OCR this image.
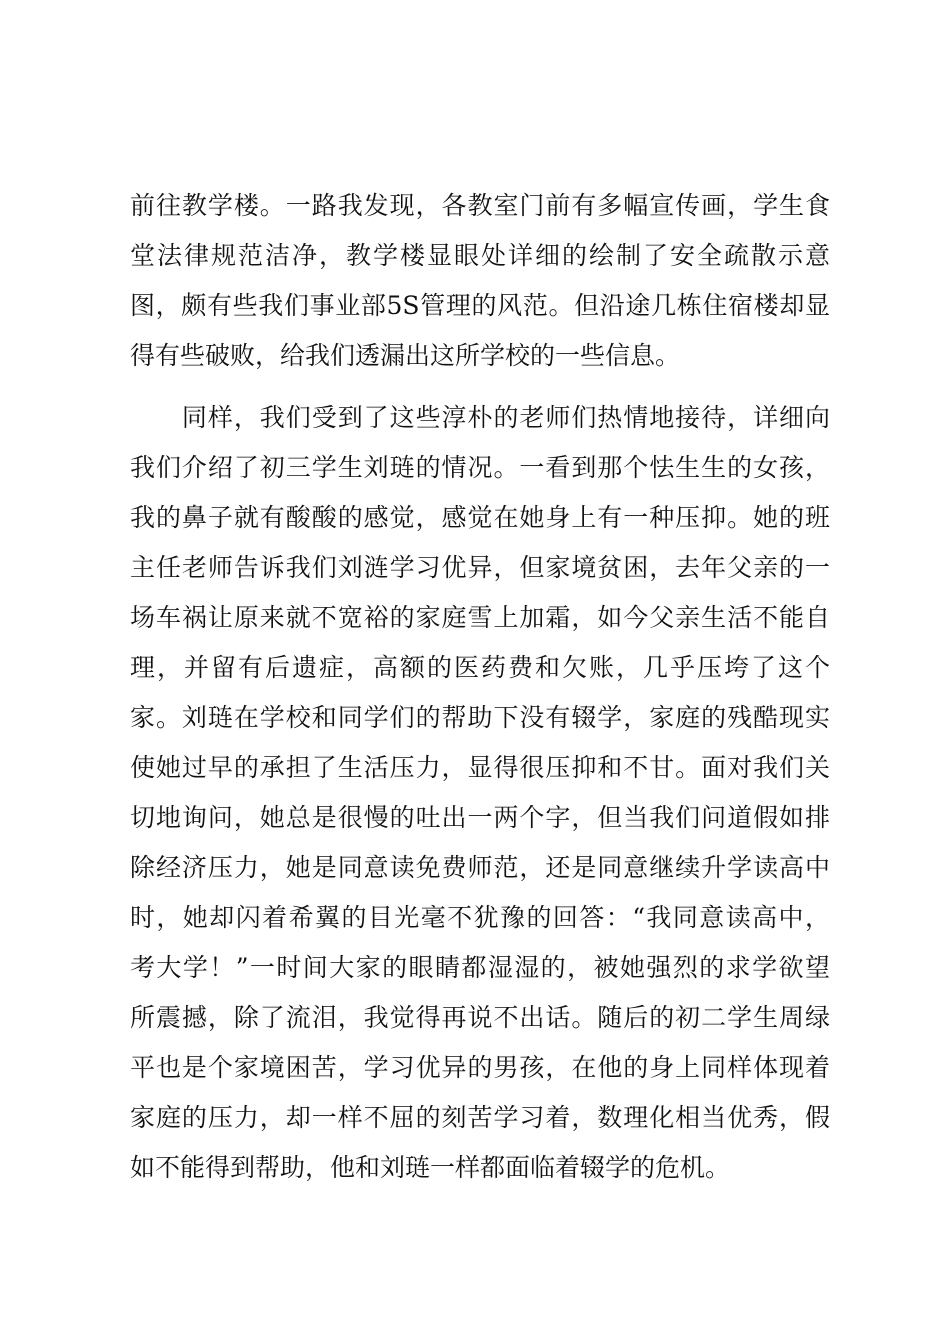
前往教学楼。一路我发现，各教室门前有多幅宣传画，学生食
堂法律规范洁净，教学楼显眼处详细的绘制了安全疏散示意
图，颇有些我们事业部5S管理的风范。但沿途几栋住宿楼却显
得有些破败，给我们透漏出这所学校的一些信息。
　　同样，我们受到了这些淳朴的老师们热情地接待，详细向
我们介绍了初三学生刘琏的情况。一看到那个怯生生的女孩，
我的鼻子就有酸酸的感觉，感觉在她身上有一种压抑。她的班
主任老师告诉我们刘涟学习优异，但家境贫困，去年父亲的一
场车祸让原来就不宽裕的家庭雪上加霜，如今父亲生活不能自
理，并留有后遗症，高额的医药费和欠账，几乎压垮了这个
家。刘琏在学校和同学们的帮助下没有辍学，家庭的残酷现实
使她过早的承担了生活压力，显得很压抑和不甘。面对我们关
切地询问，她总是很慢的吐出一两个字，但当我们问道假如排
除经济压力，她是同意读免费师范，还是同意继续升学读高中
时，她却闪着希翼的目光毫不犹豫的回答：“我同意读高中，
考大学！”一时间大家的眼睛都湿湿的，被她强烈的求学欲望
所震撼，除了流泪，我觉得再说不出话。随后的初二学生周绿
平也是个家境困苦，学习优异的男孩，在他的身上同样体现着
家庭的压力，却一样不屈的刻苦学习着，数理化相当优秀，假
如不能得到帮助，他和刘琏一样都面临着辍学的危机。
